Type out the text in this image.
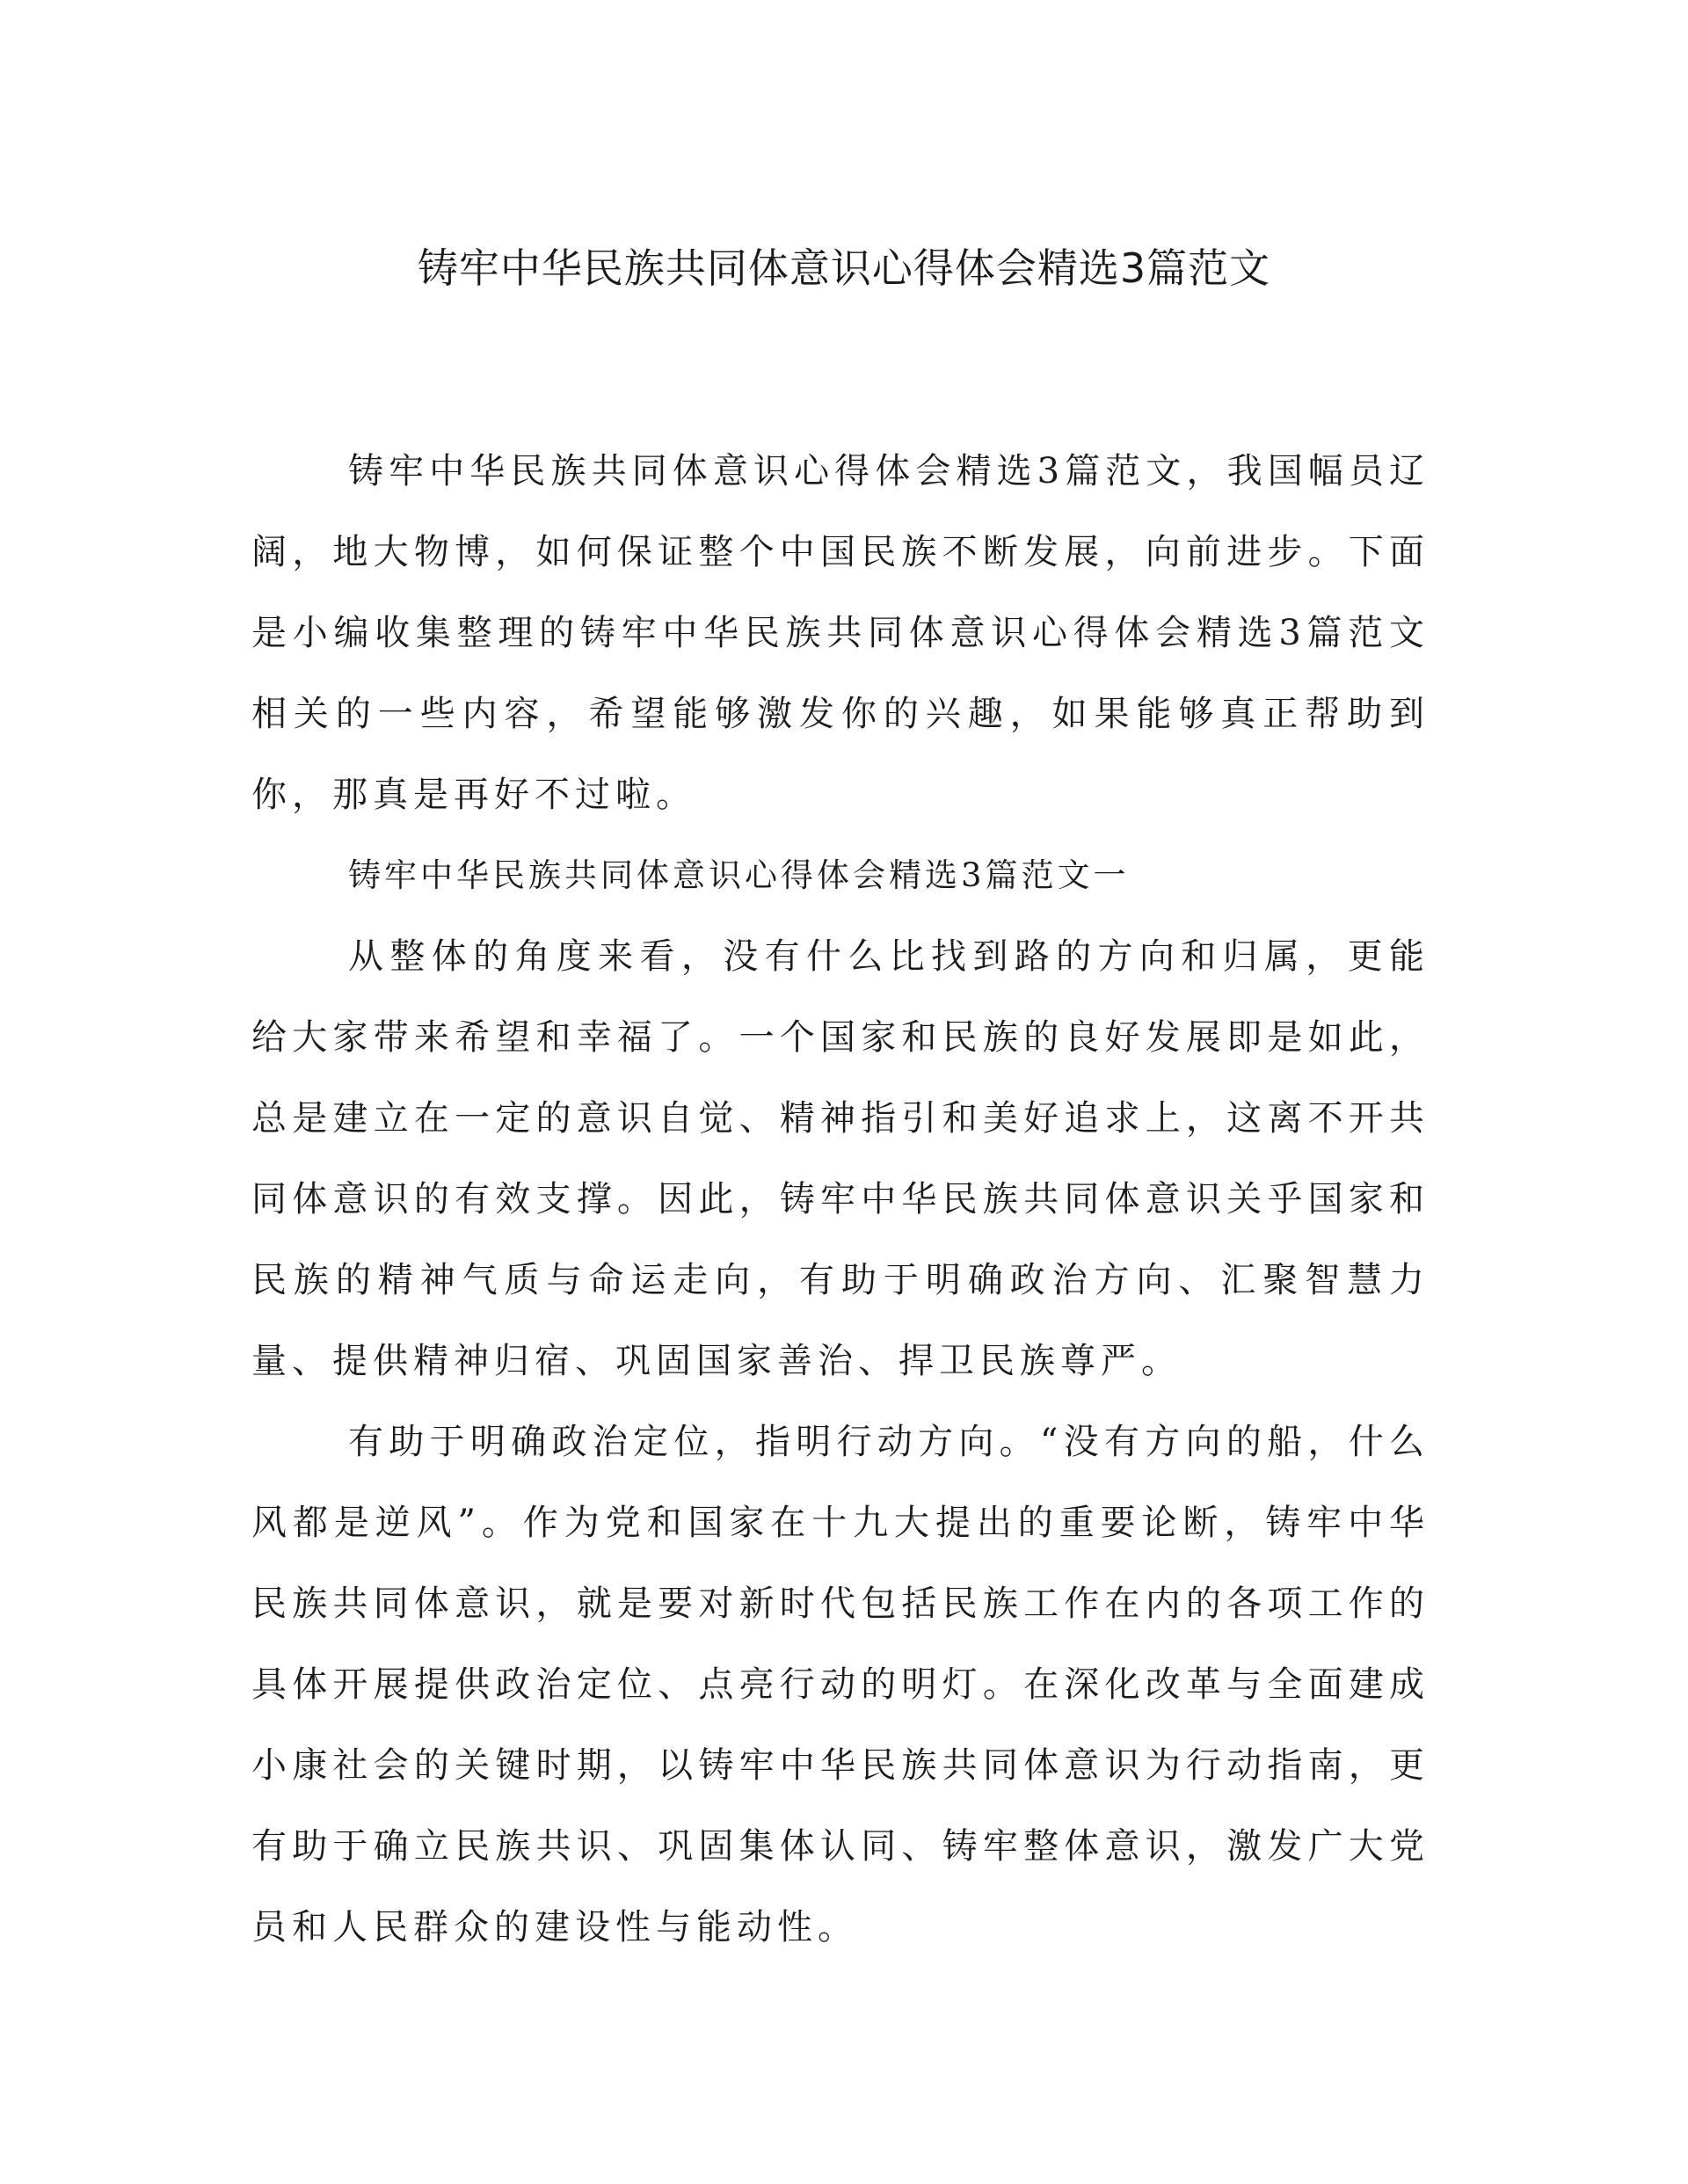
铸牢中华民族共同体意识心得体会精选3篇范文

铸牢中华民族共同体意识心得体会精选3篇范文，我国幅员辽阔，地大物博，如何保证整个中国民族不断发展，向前进步。下面是小编收集整理的铸牢中华民族共同体意识心得体会精选3篇范文相关的一些内容，希望能够激发你的兴趣，如果能够真正帮助到你，那真是再好不过啦。

铸牢中华民族共同体意识心得体会精选3篇范文一

从整体的角度来看，没有什么比找到路的方向和归属，更能给大家带来希望和幸福了。一个国家和民族的良好发展即是如此，总是建立在一定的意识自觉、精神指引和美好追求上，这离不开共同体意识的有效支撑。因此，铸牢中华民族共同体意识关乎国家和民族的精神气质与命运走向，有助于明确政治方向、汇聚智慧力量、提供精神归宿、巩固国家善治、捍卫民族尊严。

有助于明确政治定位，指明行动方向。“没有方向的船，什么风都是逆风”。作为党和国家在十九大提出的重要论断，铸牢中华民族共同体意识，就是要对新时代包括民族工作在内的各项工作的具体开展提供政治定位、点亮行动的明灯。在深化改革与全面建成小康社会的关键时期，以铸牢中华民族共同体意识为行动指南，更有助于确立民族共识、巩固集体认同、铸牢整体意识，激发广大党员和人民群众的建设性与能动性。
